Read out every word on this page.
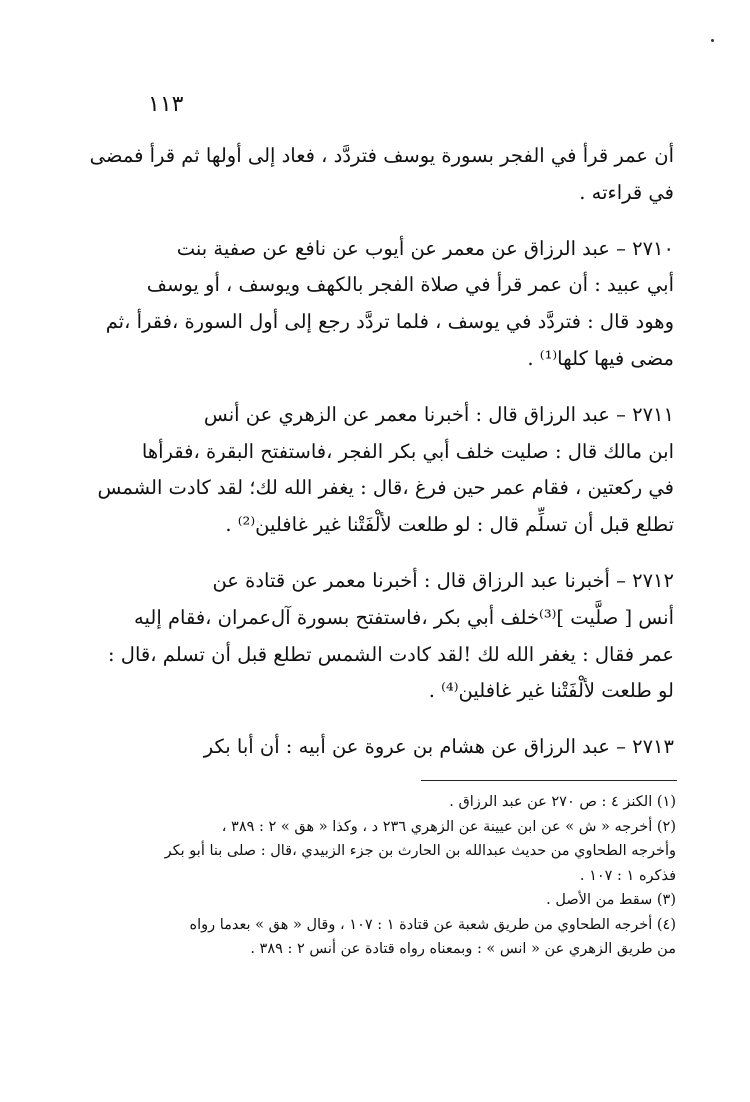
١١٣

أن عمر قرأ في الفجر بسورة يوسف فتردَّد ، فعاد إلى أولها ثم قرأ فمضى
في قراءته .

٢٧١٠ – عبد الرزاق عن معمر عن أيوب عن نافع عن صفية بنت
أبي عبيد : أن عمر قرأ في صلاة الفجر بالكهف ويوسف ، أو يوسف
وهود قال : فتردَّد في يوسف ، فلما تردَّد رجع إلى أول السورة ،فقرأ ،ثم
مضى فيها كلها⁽¹⁾ .

٢٧١١ – عبد الرزاق قال : أخبرنا معمر عن الزهري عن أنس
ابن مالك قال : صليت خلف أبي بكر الفجر ،فاستفتح البقرة ،فقرأها
في ركعتين ، فقام عمر حين فرغ ،قال : يغفر الله لك؛ لقد كادت الشمس
تطلع قبل أن تسلِّم قال : لو طلعت لألْفَتْنا غير غافلين⁽²⁾ .

٢٧١٢ – أخبرنا عبد الرزاق قال : أخبرنا معمر عن قتادة عن
أنس [ صلَّيت ]⁽³⁾خلف أبي بكر ،فاستفتح بسورة آل‌عمران ،فقام إليه
عمر فقال : يغفر الله لك !لقد كادت الشمس تطلع قبل أن تسلم ،قال :
لو طلعت لألْفَتْنا غير غافلين⁽⁴⁾ .

٢٧١٣ – عبد الرزاق عن هشام بن عروة عن أبيه : أن أبا بكر

(١) الكنز ٤ : ص ٢٧٠ عن عبد الرزاق .

(٢) أخرجه « ش » عن ابن عيينة عن الزهري ٢٣٦ د ، وكذا « هق » ٢ : ٣٨٩ ،
وأخرجه الطحاوي من حديث عبدالله بن الحارث بن جزء الزبيدي ،قال : صلى بنا أبو بكر
فذكره ١ : ١٠٧ .

(٣) سقط من الأصل .

(٤) أخرجه الطحاوي من طريق شعبة عن قتادة ١ : ١٠٧ ، وقال « هق » بعدما رواه
من طريق الزهري عن « انس » : وبمعناه رواه قتادة عن أنس ٢ : ٣٨٩ .
